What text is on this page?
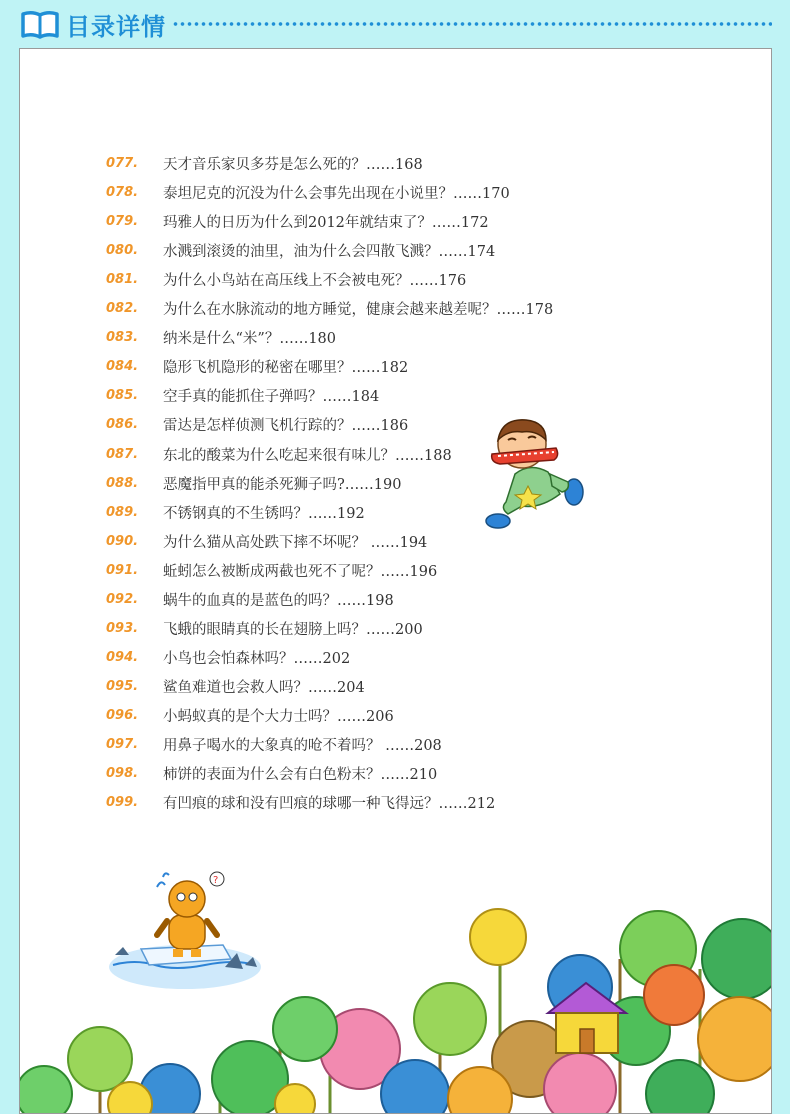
目录详情
077.	天才音乐家贝多芬是怎么死的？……168
078.	泰坦尼克的沉没为什么会事先出现在小说里？……170
079.	玛雅人的日历为什么到2012年就结束了？……172
080.	水溅到滚烫的油里，油为什么会四散飞溅？……174
081.	为什么小鸟站在高压线上不会被电死？……176
082.	为什么在水脉流动的地方睡觉，健康会越来越差呢？……178
083.	纳米是什么“米”？……180
084.	隐形飞机隐形的秘密在哪里？……182
085.	空手真的能抓住子弹吗？……184
086.	雷达是怎样侦测飞机行踪的？……186
087.	东北的酸菜为什么吃起来很有味儿？……188
088.	恶魔指甲真的能杀死狮子吗?……190
089.	不锈钢真的不生锈吗？……192
090.	为什么猫从高处跌下摔不坏呢？ ……194
091.	蚯蚓怎么被断成两截也死不了呢？……196
092.	蜗牛的血真的是蓝色的吗？……198
093.	飞蛾的眼睛真的长在翅膀上吗？……200
094.	小鸟也会怕森林吗？……202
095.	鲨鱼难道也会救人吗？……204
096.	小蚂蚁真的是个大力士吗？……206
097.	用鼻子喝水的大象真的呛不着吗？ ……208
098.	柿饼的表面为什么会有白色粉末？……210
099.	有凹痕的球和没有凹痕的球哪一种飞得远？……212
?
